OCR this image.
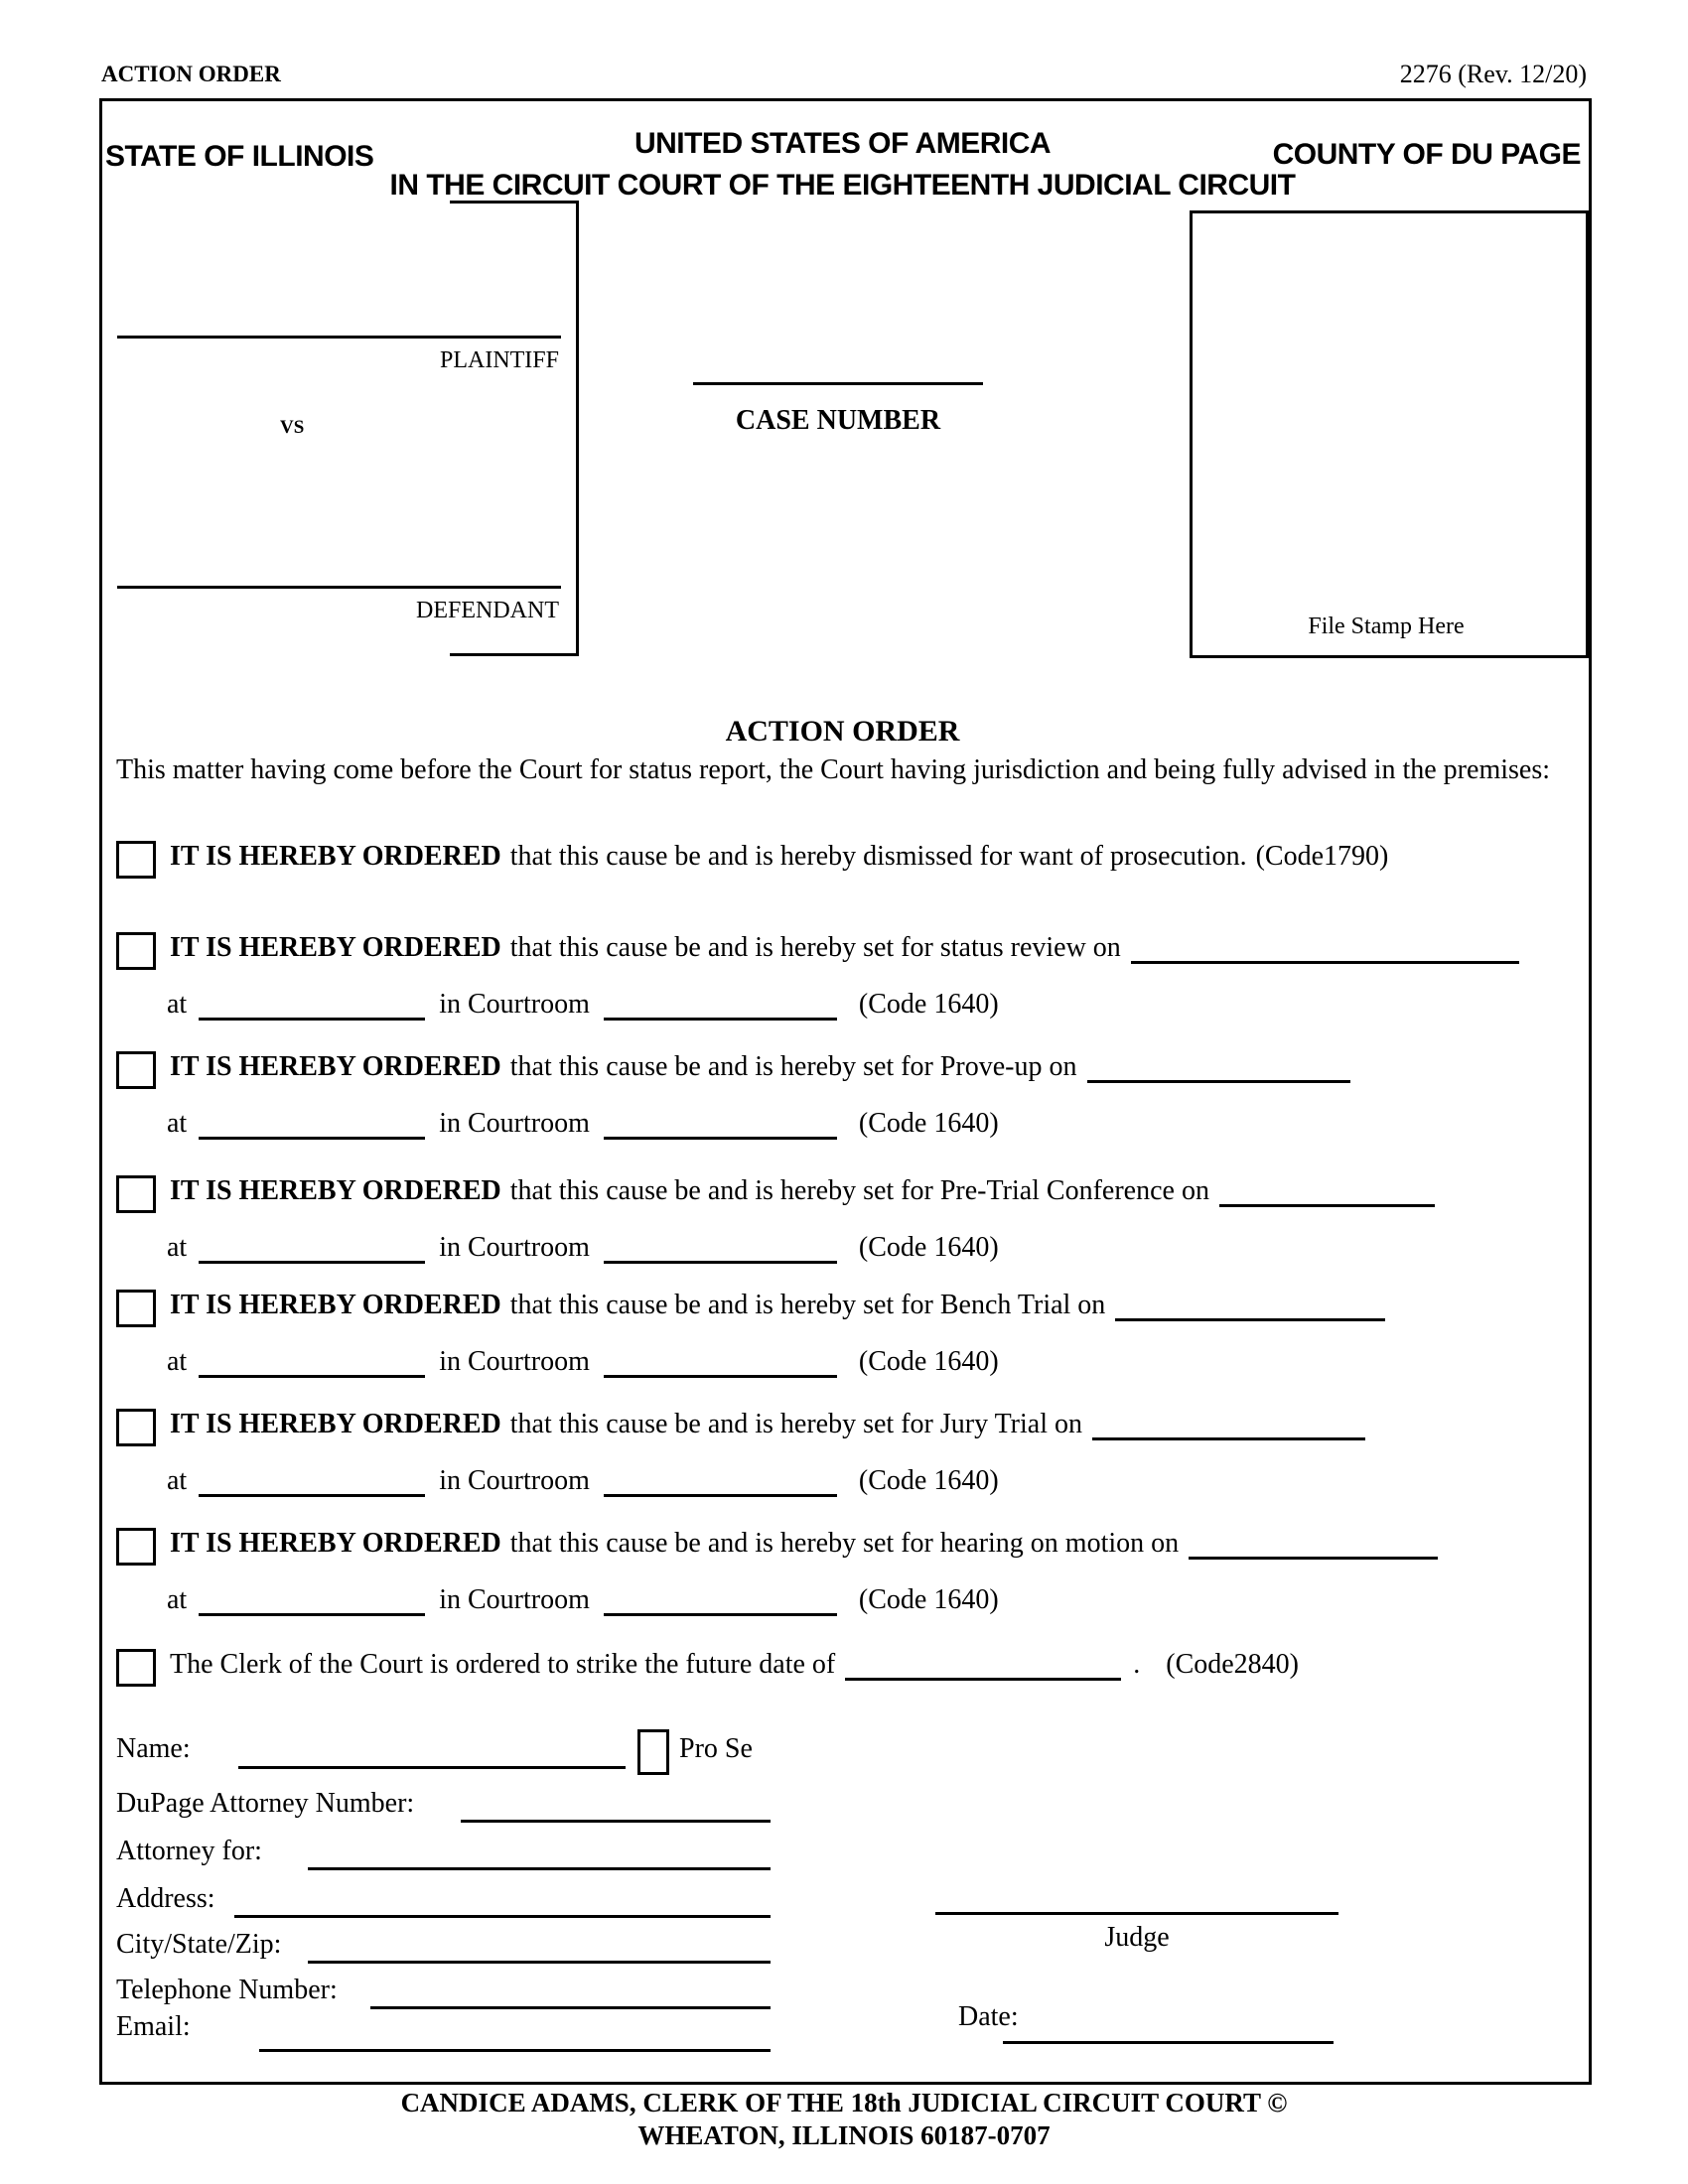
ACTION ORDER	2276 (Rev. 12/20)
STATE OF ILLINOIS	UNITED STATES OF AMERICA	COUNTY OF DU PAGE
IN THE CIRCUIT COURT OF THE EIGHTEENTH JUDICIAL CIRCUIT
PLAINTIFF
vs
DEFENDANT
CASE NUMBER
File Stamp Here
ACTION ORDER
This matter having come before the Court for status report, the Court having jurisdiction and being fully advised in the premises:
IT IS HEREBY ORDERED that this cause be and is hereby dismissed for want of prosecution. (Code1790)
IT IS HEREBY ORDERED that this cause be and is hereby set for status review on
at	in Courtroom	(Code 1640)
IT IS HEREBY ORDERED that this cause be and is hereby set for Prove-up on
at	in Courtroom	(Code 1640)
IT IS HEREBY ORDERED that this cause be and is hereby set for Pre-Trial Conference on
at	in Courtroom	(Code 1640)
IT IS HEREBY ORDERED that this cause be and is hereby set for Bench Trial on
at	in Courtroom	(Code 1640)
IT IS HEREBY ORDERED that this cause be and is hereby set for Jury Trial on
at	in Courtroom	(Code 1640)
IT IS HEREBY ORDERED that this cause be and is hereby set for hearing on motion on
at	in Courtroom	(Code 1640)
The Clerk of the Court is ordered to strike the future date of	. (Code2840)
Name:	Pro Se
DuPage Attorney Number:
Attorney for:
Address:
City/State/Zip:
Telephone Number:
Email:
Judge
Date:
CANDICE ADAMS, CLERK OF THE 18th JUDICIAL CIRCUIT COURT ©
WHEATON, ILLINOIS 60187-0707
